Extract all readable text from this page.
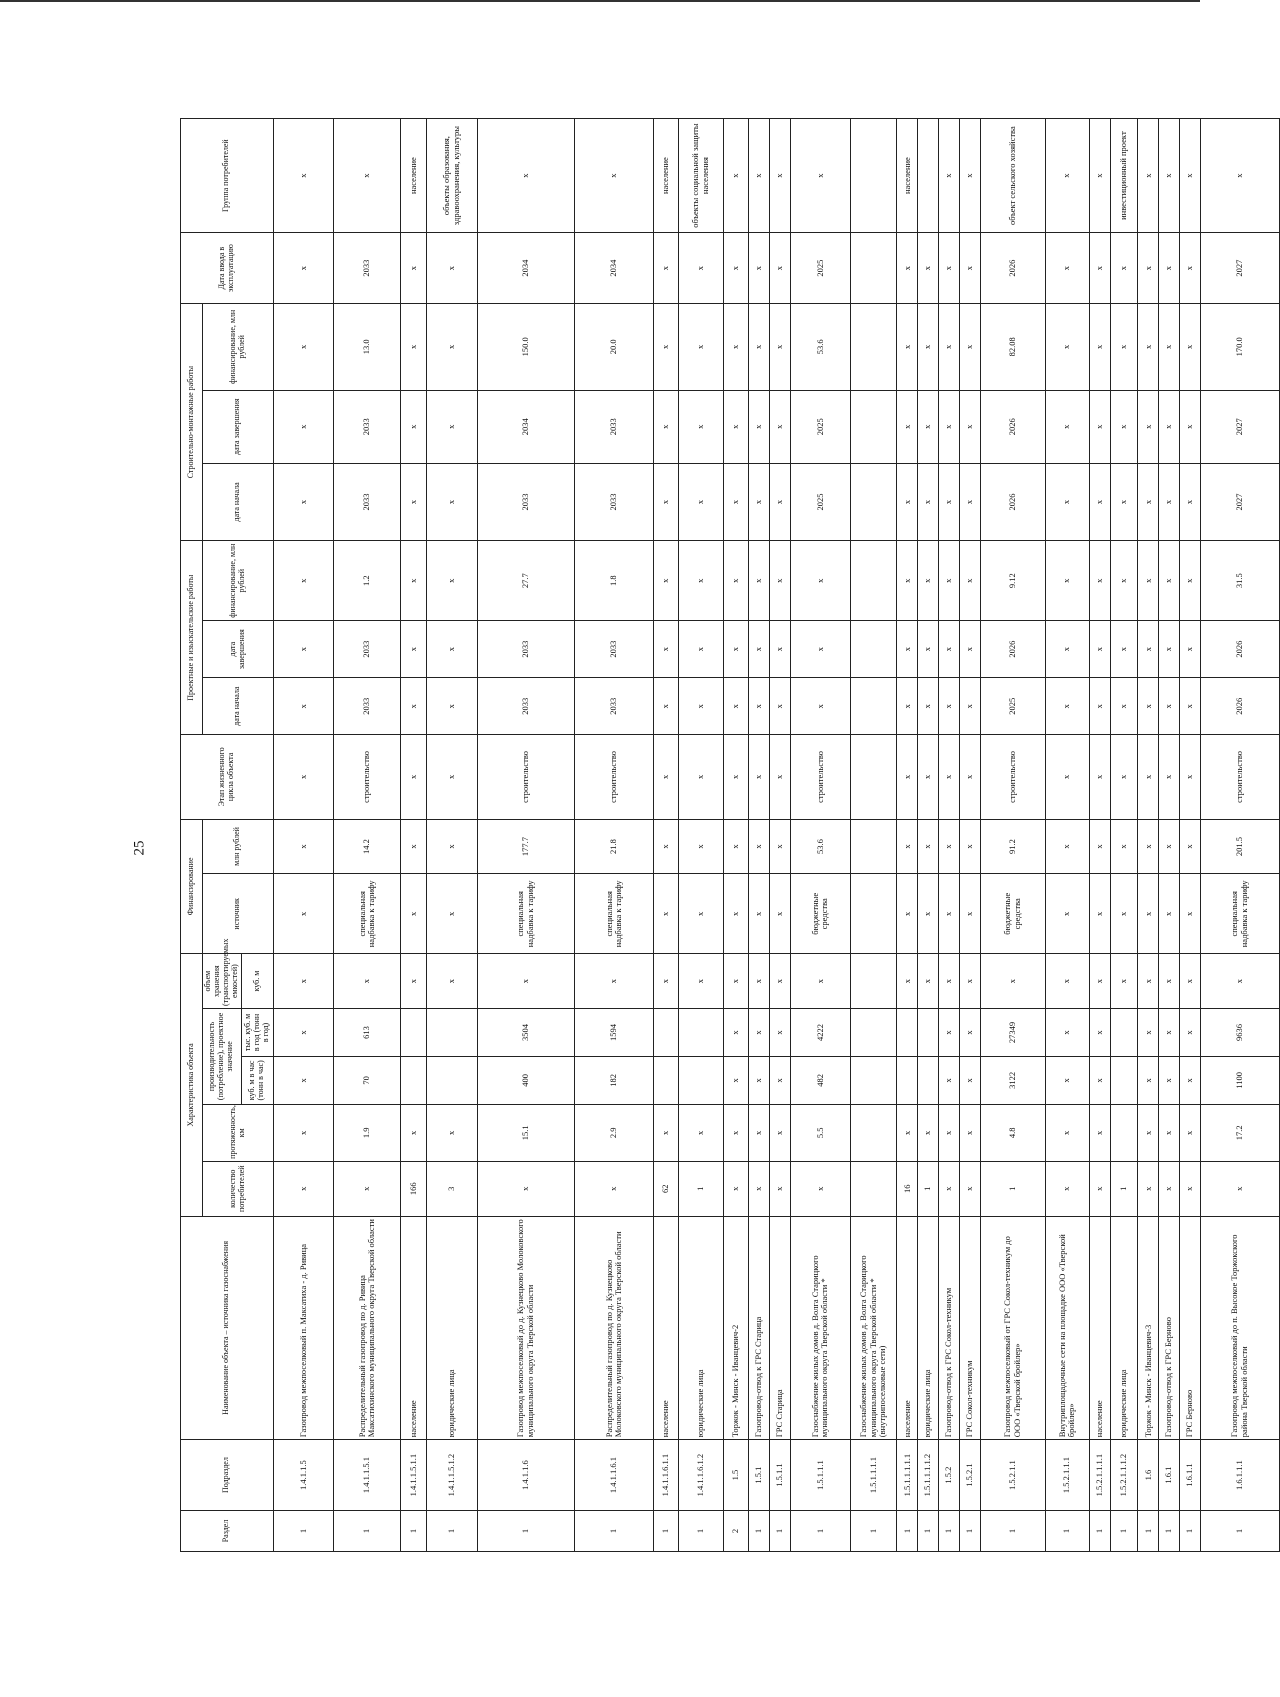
25
Раздел	Подраздел	Наименование объекта – источника газоснабжения	Характеристика объекта					Финансирование		Этап жизненного цикла объекта	Проектные и изыскательские работы			Строительно-монтажные работы			Дата ввода в эксплуатацию	Группа потребителей
			количество потребителей	протяженность, км	производительность (потребление), проектное значение		объем хранения (транспортируемых емкостей)	источник	млн рублей		дата начала	дата завершения	финансирование, млн рублей	дата начала	дата завершения	финансирование, млн рублей		
					куб. м в час (тонн в час)	тыс. куб. м в год (тонн в год)	куб. м											
1	1.4.1.1.5	Газопровод межпоселковый п. Максатиха - д. Ривица	x	x	x	x	x	x	x	x	x	x	x	x	x	x	x	x
1	1.4.1.1.5.1	Распределительный газопровод по д. Ривица Максатихинского муниципального округа Тверской области	x	1.9	70	613	x	специальная надбавка к тарифу	14.2	строительство	2033	2033	1.2	2033	2033	13.0	2033	x
1	1.4.1.1.5.1.1	население	166	x			x	x	x	x	x	x	x	x	x	x	x	население
1	1.4.1.1.5.1.2	юридические лица	3	x			x	x	x	x	x	x	x	x	x	x	x	объекты образования, здравоохранения, культуры
1	1.4.1.1.6	Газопровод межпоселковый до д. Кузнецково Молоковского муниципального округа Тверской области	x	15.1	400	3504	x	специальная надбавка к тарифу	177.7	строительство	2033	2033	27.7	2033	2034	150.0	2034	x
1	1.4.1.1.6.1	Распределительный газопровод по д. Кузнецково Молоковского муниципального округа Тверской области	x	2.9	182	1594	x	специальная надбавка к тарифу	21.8	строительство	2033	2033	1.8	2033	2033	20.0	2034	x
1	1.4.1.1.6.1.1	население	62	x			x	x	x	x	x	x	x	x	x	x	x	население
1	1.4.1.1.6.1.2	юридические лица	1	x			x	x	x	x	x	x	x	x	x	x	x	объекты социальной защиты населения
2	1.5	Торжок - Минск - Иванцевич-2	x	x	x	x	x	x	x	x	x	x	x	x	x	x	x	x
1	1.5.1	Газопровод-отвод к ГРС Старица	x	x	x	x	x	x	x	x	x	x	x	x	x	x	x	x
1	1.5.1.1	ГРС Старица	x	x	x	x	x	x	x	x	x	x	x	x	x	x	x	x
1	1.5.1.1.1	Газоснабжение жилых домов д. Волга Старицкого муниципального округа Тверской области *	x	5.5	482	4222	x	бюджетные средства	53.6	строительство	x	x	x	2025	2025	53.6	2025	x
1	1.5.1.1.1.1	Газоснабжение жилых домов д. Волга Старицкого муниципального округа Тверской области * (внутрипоселковые сети)																
1	1.5.1.1.1.1.1	население	16	x			x	x	x	x	x	x	x	x	x	x	x	население
1	1.5.1.1.1.1.2	юридические лица	1	x			x	x	x	x	x	x	x	x	x	x	x	
1	1.5.2	Газопровод-отвод к ГРС Сокол-техникум	x	x	x	x	x	x	x	x	x	x	x	x	x	x	x	x
1	1.5.2.1	ГРС Сокол-техникум	x	x	x	x	x	x	x	x	x	x	x	x	x	x	x	x
1	1.5.2.1.1	Газопровод межпоселковый от ГРС Сокол-техникум до ООО «Тверской бройлер»	1	4.8	3122	27349	x	бюджетные средства	91.2	строительство	2025	2026	9.12	2026	2026	82.08	2026	объект сельского хозяйства
1	1.5.2.1.1.1	Внутриплощадочные сети на площадке ООО «Тверской бройлер»	x	x	x	x	x	x	x	x	x	x	x	x	x	x	x	x
1	1.5.2.1.1.1.1	население	x	x	x	x	x	x	x	x	x	x	x	x	x	x	x	x
1	1.5.2.1.1.1.2	юридические лица	1				x	x	x	x	x	x	x	x	x	x	x	инвестиционный проект
1	1.6	Торжок - Минск - Иванцевич-3	x	x	x	x	x	x	x	x	x	x	x	x	x	x	x	x
1	1.6.1	Газопровод-отвод к ГРС Берново	x	x	x	x	x	x	x	x	x	x	x	x	x	x	x	x
1	1.6.1.1	ГРС Берново	x	x	x	x	x	x	x	x	x	x	x	x	x	x	x	x
1	1.6.1.1.1	Газопровод межпоселковый до п. Высокое Торжокского района Тверской области	x	17.2	1100	9636	x	специальная надбавка к тарифу	201.5	строительство	2026	2026	31.5	2027	2027	170.0	2027	x
